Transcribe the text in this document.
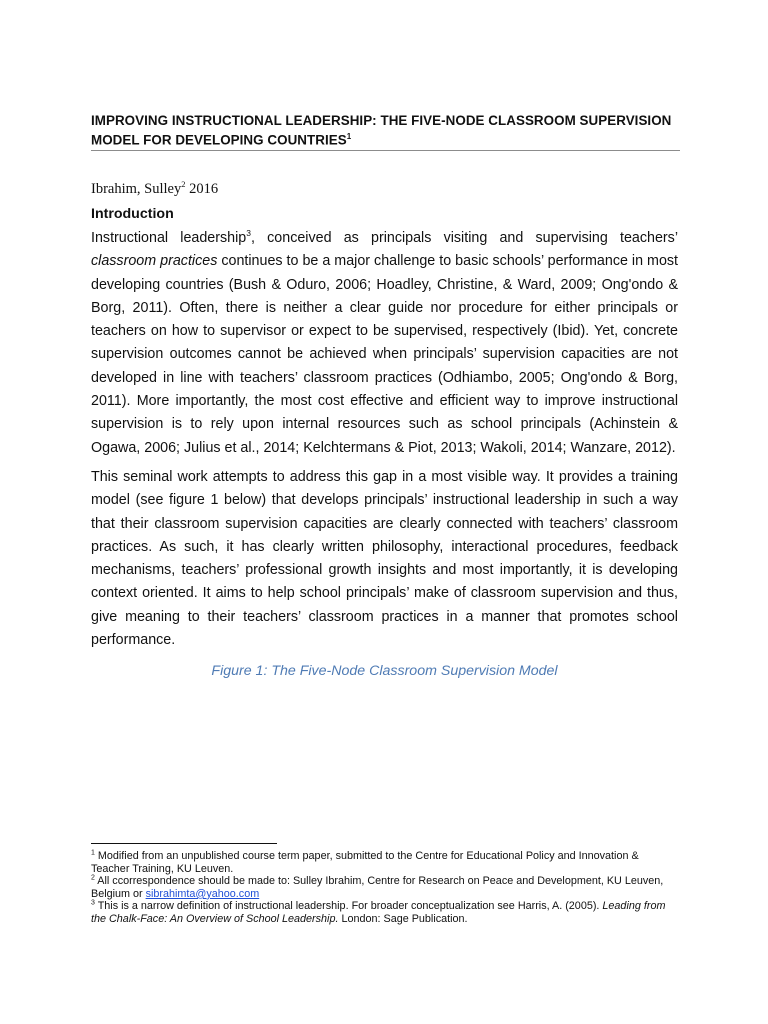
IMPROVING INSTRUCTIONAL LEADERSHIP: THE FIVE-NODE CLASSROOM SUPERVISION MODEL FOR DEVELOPING COUNTRIES$^1$
Ibrahim, Sulley$^2$ 2016
Introduction

Instructional leadership$^3$, conceived as principals visiting and supervising teachers’ classroom practices continues to be a major challenge to basic schools’ performance in most developing countries (Bush & Oduro, 2006; Hoadley, Christine, & Ward, 2009; Ong'ondo & Borg, 2011). Often, there is neither a clear guide nor procedure for either principals or teachers on how to supervisor or expect to be supervised, respectively (Ibid). Yet, concrete supervision outcomes cannot be achieved when principals’ supervision capacities are not developed in line with teachers’ classroom practices (Odhiambo, 2005; Ong'ondo & Borg, 2011). More importantly, the most cost effective and efficient way to improve instructional supervision is to rely upon internal resources such as school principals (Achinstein & Ogawa, 2006; Julius et al., 2014; Kelchtermans & Piot, 2013; Wakoli, 2014; Wanzare, 2012).

This seminal work attempts to address this gap in a most visible way. It provides a training model (see figure 1 below) that develops principals’ instructional leadership in such a way that their classroom supervision capacities are clearly connected with teachers’ classroom practices. As such, it has clearly written philosophy, interactional procedures, feedback mechanisms, teachers’ professional growth insights and most importantly, it is developing context oriented. It aims to help school principals’ make of classroom supervision and thus, give meaning to their teachers’ classroom practices in a manner that promotes school performance.

Figure 1: The Five-Node Classroom Supervision Model
$^1$ Modified from an unpublished course term paper, submitted to the Centre for Educational Policy and Innovation & Teacher Training, KU Leuven.
$^2$ All ccorrespondence should be made to: Sulley Ibrahim, Centre for Research on Peace and Development, KU Leuven, Belgium or sibrahimta@yahoo.com
$^3$ This is a narrow definition of instructional leadership. For broader conceptualization see Harris, A. (2005). Leading from the Chalk-Face: An Overview of School Leadership. London: Sage Publication.
